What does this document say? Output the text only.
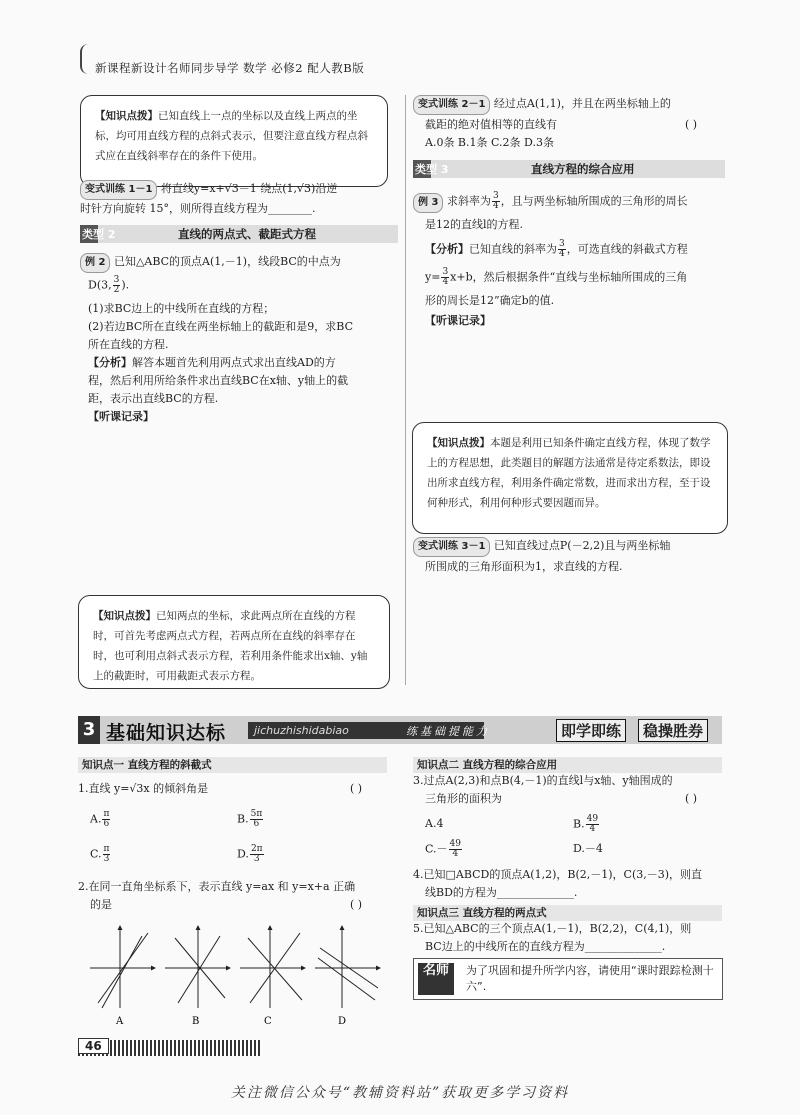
新课程新设计名师同步导学 数学 必修2 配人教B版
【知识点拨】已知直线上一点的坐标以及直线上两点的坐标，均可用直线方程的点斜式表示，但要注意直线方程点斜式应在直线斜率存在的条件下使用。
变式训练 1－1 将直线y=x+√3－1 绕点(1,√3)沿逆
时针方向旋转 15°，则所得直线方程为________.
类型 2	直线的两点式、截距式方程
例 2 已知△ABC的顶点A(1,－1)，线段BC的中点为
D(3, $\frac{3}{2}$ ).
(1)求BC边上的中线所在直线的方程；
(2)若边BC所在直线在两坐标轴上的截距和是9，求BC
所在直线的方程.
【分析】解答本题首先利用两点式求出直线AD的方
程，然后利用所给条件求出直线BC在x轴、y轴上的截
距，表示出直线BC的方程.
【听课记录】
【知识点拨】已知两点的坐标，求此两点所在直线的方程时，可首先考虑两点式方程，若两点所在直线的斜率存在时，也可利用点斜式表示方程，若利用条件能求出x轴、y轴上的截距时，可用截距式表示方程。
变式训练 2－1 经过点A(1,1)，并且在两坐标轴上的
截距的绝对值相等的直线有	( )
A.0条 B.1条 C.2条 D.3条
类型 3	直线方程的综合应用
例 3 求斜率为 $\frac{3}{4}$ ，且与两坐标轴所围成的三角形的周长
是12的直线l的方程.
【分析】已知直线的斜率为 $\frac{3}{4}$ ，可选直线的斜截式方程
$y= \frac{3}{4} x+b$，然后根据条件“直线与坐标轴所围成的三角
形的周长是12”确定b的值.
【听课记录】
【知识点拨】本题是利用已知条件确定直线方程，体现了数学上的方程思想，此类题目的解题方法通常是待定系数法，即设出所求直线方程，利用条件确定常数，进而求出方程，至于设何种形式，利用何种形式要因题而异。
变式训练 3－1 已知直线过点P(－2,2)且与两坐标轴
所围成的三角形面积为1，求直线的方程.
3 基础知识达标	jichuzhishidabiao	练基础提能力	即学即练	稳操胜券
知识点一 直线方程的斜截式
1.直线 y=√3x 的倾斜角是	( )
A. $\frac{\pi}{6}$	B. $\frac{5\pi}{6}$
C. $\frac{\pi}{3}$	D. $\frac{2\pi}{3}$
2.在同一直角坐标系下，表示直线 y=ax 和 y=x+a 正确
的是	( )
A	B	C	D
知识点二 直线方程的综合应用
3.过点A(2,3)和点B(4,－1)的直线l与x轴、y轴围成的
三角形的面积为	( )
A.4	B. $\frac{49}{4}$
$C.- \frac{49}{4}$	D.－4
4.已知□ABCD的顶点A(1,2)，B(2,－1)，C(3,－3)，则直
线BD的方程为______________.
知识点三 直线方程的两点式
5.已知△ABC的三个顶点A(1,－1)，B(2,2)，C(4,1)，则
BC边上的中线所在的直线方程为______________.
名师	为了巩固和提升所学内容，请使用“课时跟踪检测十六”.
46
关注微信公众号“教辅资料站”获取更多学习资料
